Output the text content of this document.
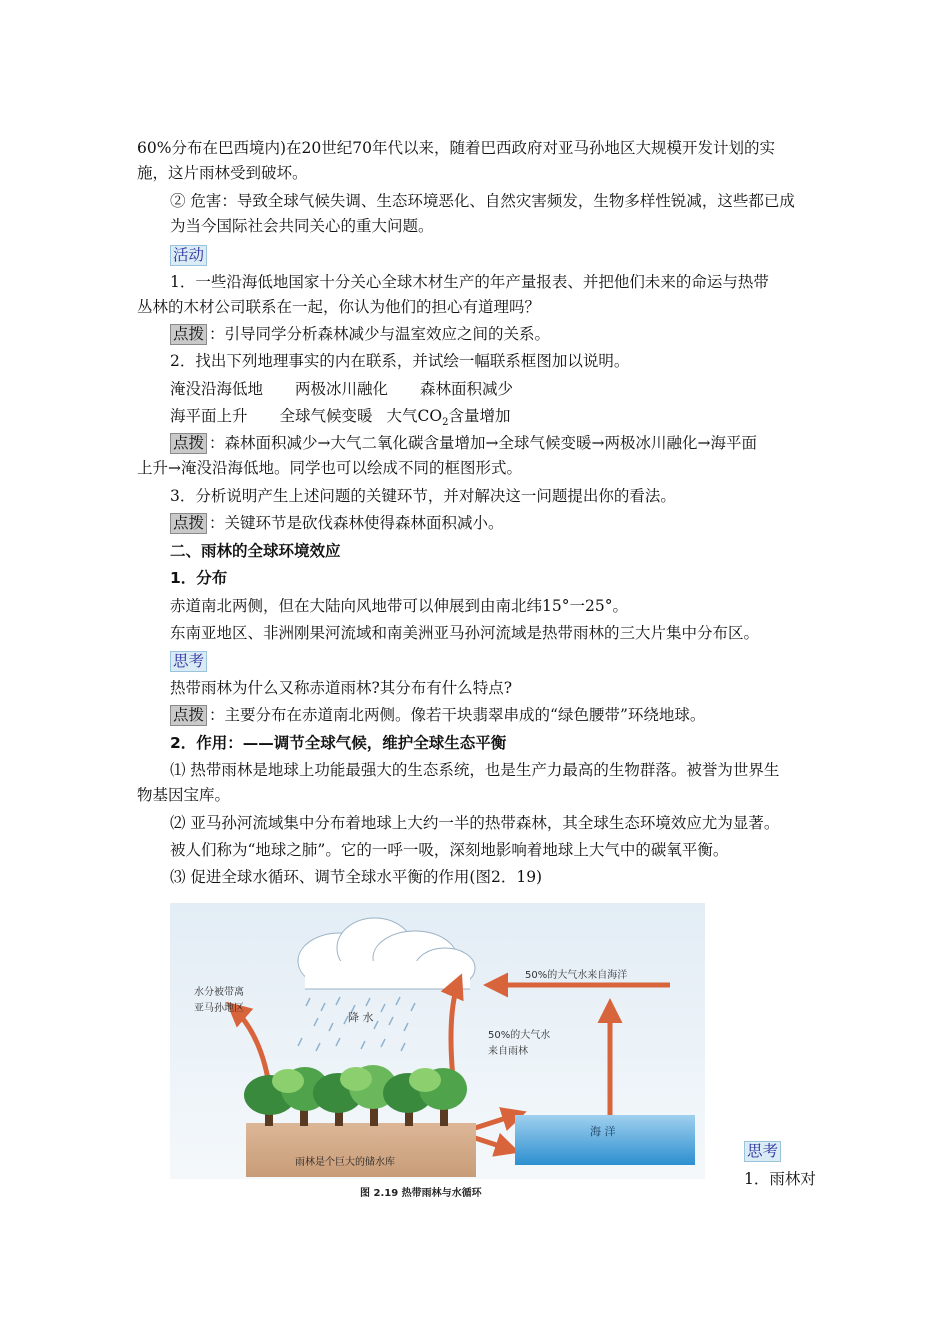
60%分布在巴西境内)在20世纪70年代以来，随着巴西政府对亚马孙地区大规模开发计划的实
施，这片雨林受到破坏。
② 危害：导致全球气候失调、生态环境恶化、自然灾害频发，生物多样性锐减，这些都已成
为当今国际社会共同关心的重大问题。
活动
1．一些沿海低地国家十分关心全球木材生产的年产量报表、并把他们未来的命运与热带
丛林的木材公司联系在一起，你认为他们的担心有道理吗？
点拨 ：引导同学分析森林减少与温室效应之间的关系。
2．找出下列地理事实的内在联系，并试绘一幅联系框图加以说明。
淹没沿海低地 两极冰川融化 森林面积减少
海平面上升 全球气候变暖 大气$CO_2$含量增加
点拨 ：森林面积减少→大气二氧化碳含量增加→全球气候变暖→两极冰川融化→海平面
上升→淹没沿海低地。同学也可以绘成不同的框图形式。
3．分析说明产生上述问题的关键环节，并对解决这一问题提出你的看法。
点拨 ：关键环节是砍伐森林使得森林面积减小。
二、雨林的全球环境效应
1．分布
赤道南北两侧，但在大陆向风地带可以伸展到由南北纬15°一25°。
东南亚地区、非洲刚果河流域和南美洲亚马孙河流域是热带雨林的三大片集中分布区。
思考
热带雨林为什么又称赤道雨林?其分布有什么特点?
点拨 ：主要分布在赤道南北两侧。像若干块翡翠串成的“绿色腰带”环绕地球。
2．作用：——调节全球气候，维护全球生态平衡
⑴ 热带雨林是地球上功能最强大的生态系统，也是生产力最高的生物群落。被誉为世界生
物基因宝库。
⑵ 亚马孙河流域集中分布着地球上大约一半的热带森林，其全球生态环境效应尤为显著。
被人们称为“地球之肺”。它的一呼一吸，深刻地影响着地球上大气中的碳氧平衡。
⑶ 促进全球水循环、调节全球水平衡的作用(图2．19)
降 水
水分被带离
亚马孙地区
50%的大气水来自海洋
50%的大气水
来自雨林
雨林是个巨大的储水库
海 洋
图 2.19 热带雨林与水循环
思考
1．雨林对
